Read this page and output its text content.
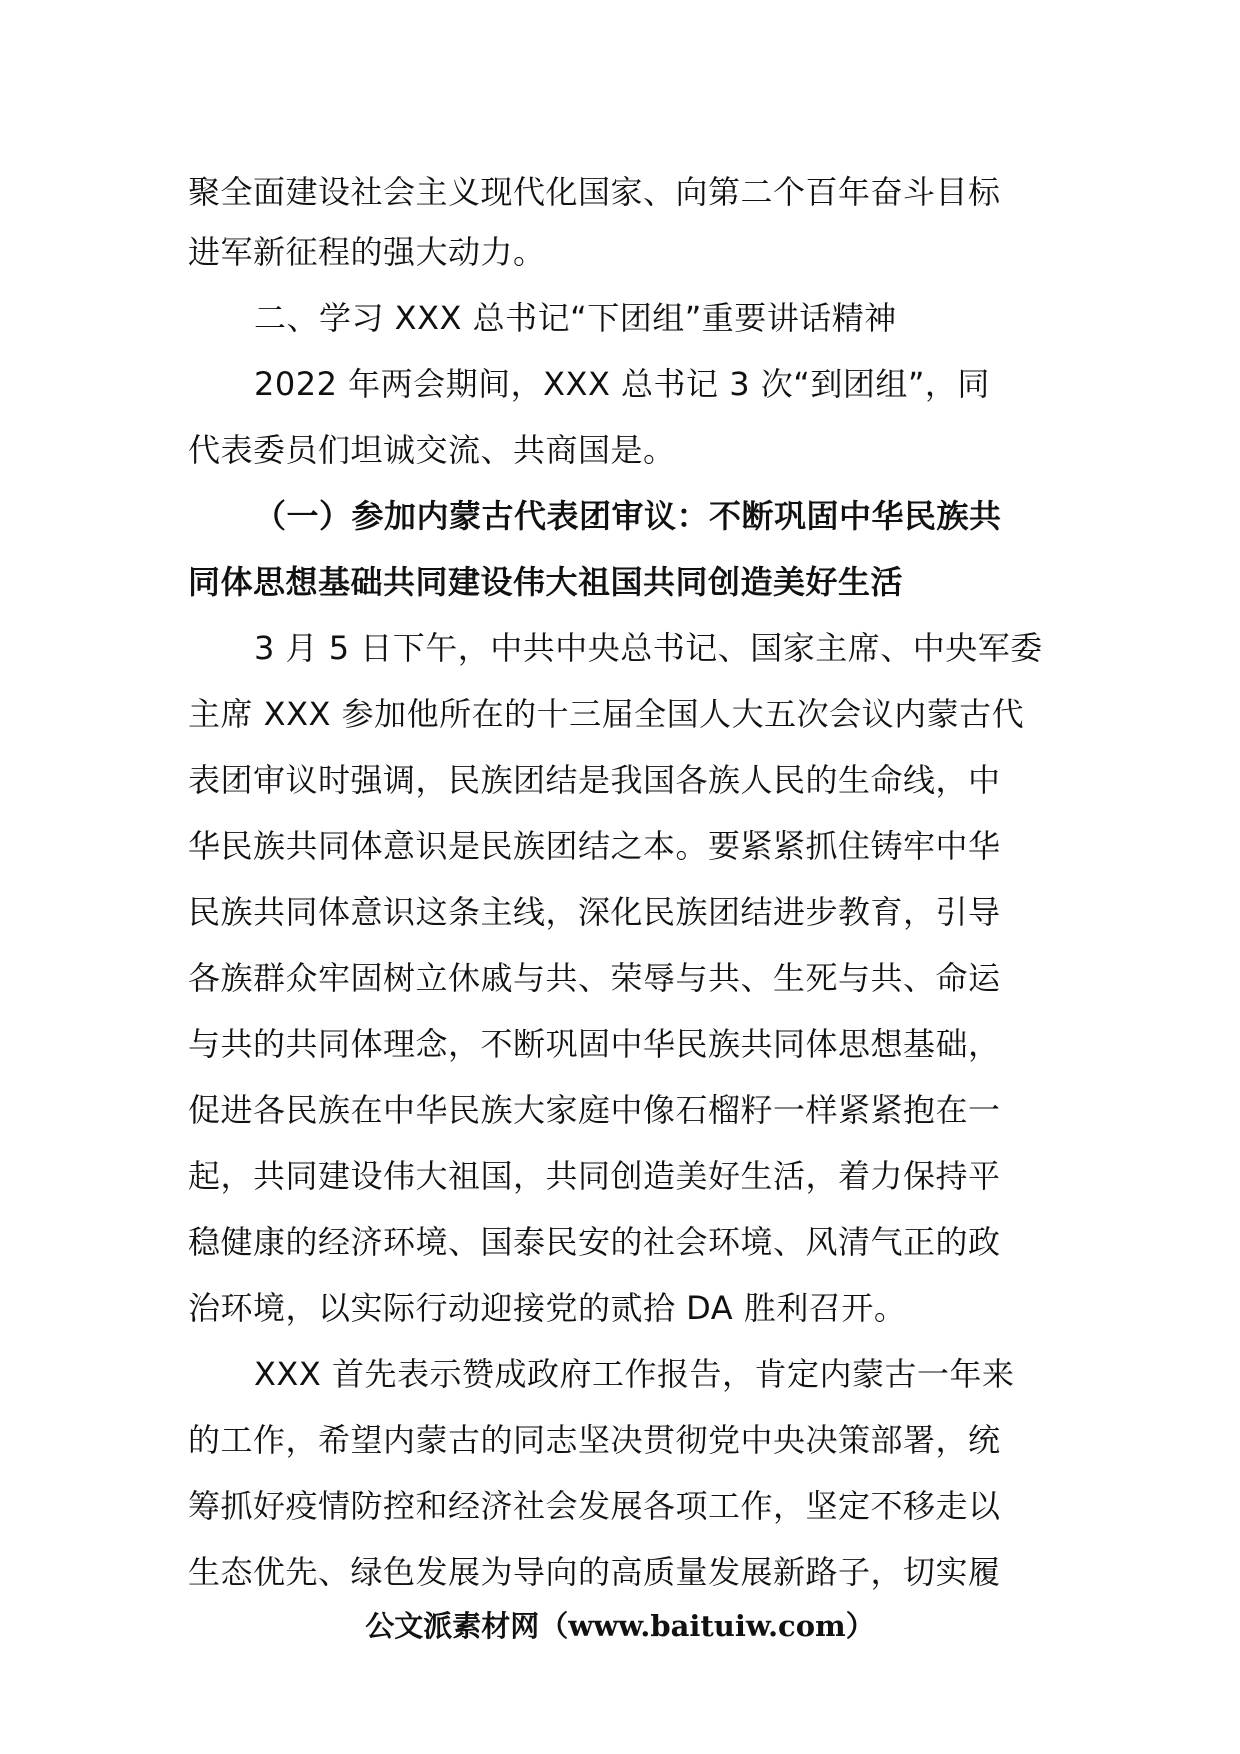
聚全面建设社会主义现代化国家、向第二个百年奋斗目标
进军新征程的强大动力。
二、学习 XXX 总书记“下团组”重要讲话精神
2022 年两会期间，XXX 总书记 3 次“到团组”，同
代表委员们坦诚交流、共商国是。
（一）参加内蒙古代表团审议：不断巩固中华民族共
同体思想基础共同建设伟大祖国共同创造美好生活
3 月 5 日下午，中共中央总书记、国家主席、中央军委
主席 XXX 参加他所在的十三届全国人大五次会议内蒙古代
表团审议时强调，民族团结是我国各族人民的生命线，中
华民族共同体意识是民族团结之本。要紧紧抓住铸牢中华
民族共同体意识这条主线，深化民族团结进步教育，引导
各族群众牢固树立休戚与共、荣辱与共、生死与共、命运
与共的共同体理念，不断巩固中华民族共同体思想基础，
促进各民族在中华民族大家庭中像石榴籽一样紧紧抱在一
起，共同建设伟大祖国，共同创造美好生活，着力保持平
稳健康的经济环境、国泰民安的社会环境、风清气正的政
治环境，以实际行动迎接党的贰拾 DA 胜利召开。
XXX 首先表示赞成政府工作报告，肯定内蒙古一年来
的工作，希望内蒙古的同志坚决贯彻党中央决策部署，统
筹抓好疫情防控和经济社会发展各项工作，坚定不移走以
生态优先、绿色发展为导向的高质量发展新路子，切实履
公文派素材网（www.baituiw.com）
